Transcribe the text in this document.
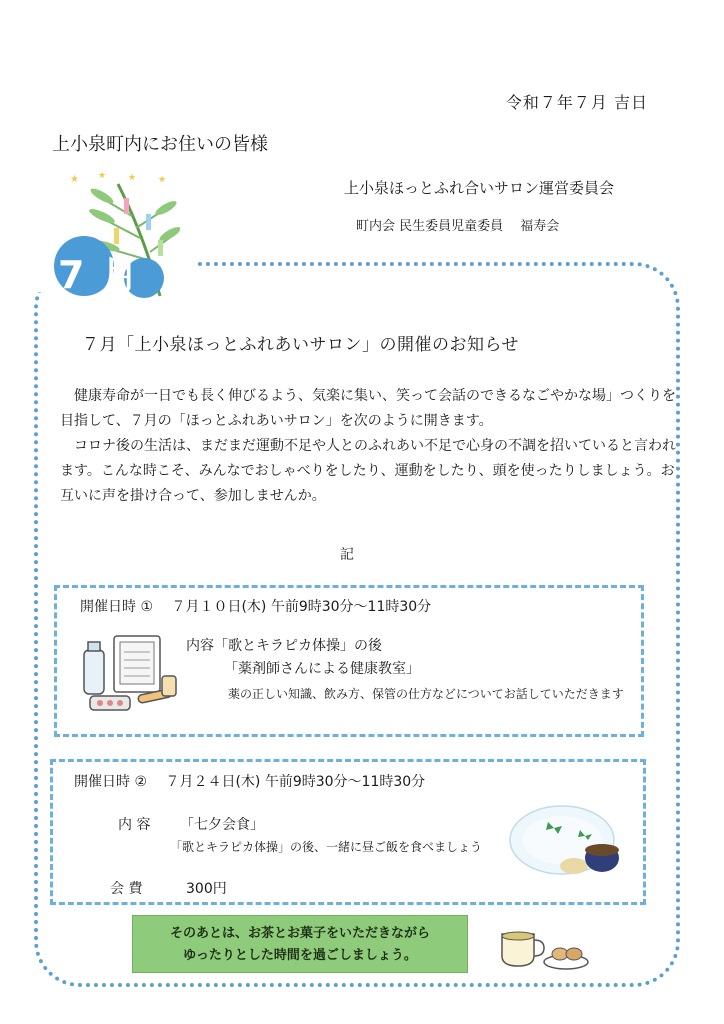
令和７年７月 吉日
上小泉町内にお住いの皆様
上小泉ほっとふれ合いサロン運営委員会
町内会 民生委員児童委員　 福寿会
★ ★ ★ ★
7月
７月「上小泉ほっとふれあいサロン」の開催のお知らせ

健康寿命が一日でも長く伸びるよう、気楽に集い、笑って会話のできるなごやかな場」つくりを目指して、７月の「ほっとふれあいサロン」を次のように開きます。

コロナ後の生活は、まだまだ運動不足や人とのふれあい不足で心身の不調を招いていると言われます。こんな時こそ、みんなでおしゃべりをしたり、運動をしたり、頭を使ったりしましょう。お互いに声を掛け合って、参加しませんか。

記
開催日時 ① 　７月１０日(木) 午前9時30分～11時30分
内容「歌とキラピカ体操」の後
「薬剤師さんによる健康教室」

薬の正しい知識、飲み方、保管の仕方などについてお話していただきます

開催日時 ② 　７月２４日(木) 午前9時30分～11時30分
内 容 「七夕会食」
「歌とキラピカ体操」の後、一緒に昼ご飯を食べましょう
会 費	300円
そのあとは、お茶とお菓子をいただきながら
ゆったりとした時間を過ごしましょう。
